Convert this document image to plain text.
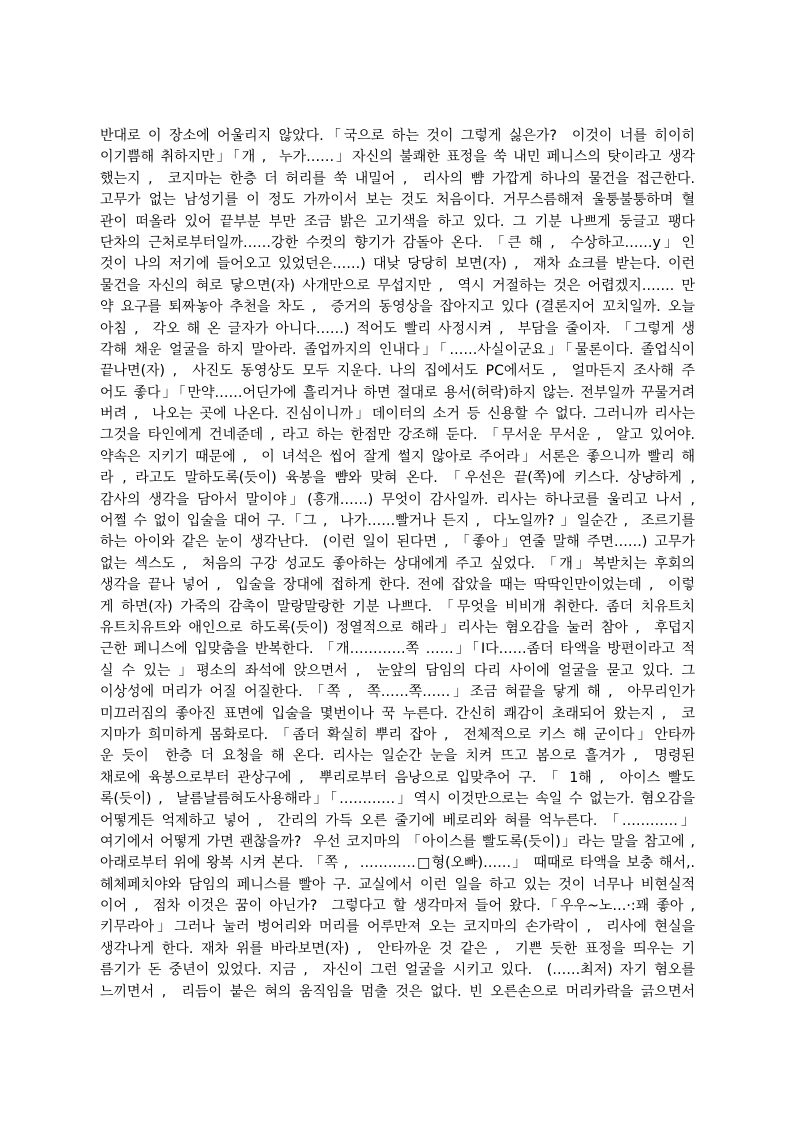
반대로 이 장소에 어울리지 않았다.「국으로 하는 것이 그렇게 싫은가?  이것이 너를 히이히
이기쁨해 취하지만」「개 ,  누가……」자신의 불쾌한 표정을 쑥 내민 페니스의 탓이라고 생각
했는지 ,  코지마는 한층 더 허리를 쑥 내밀어 ,  리사의 뺨 가깝게 하나의 물건을 접근한다.
고무가 없는 남성기를 이 정도 가까이서 보는 것도 처음이다. 거무스름해져 울퉁불퉁하며 혈
관이 떠올라 있어 끝부분 부만 조금 밝은 고기색을 하고 있다. 그 기분 나쁘게 둥글고 팽다
단차의 근처로부터일까……강한 수컷의 향기가 감돌아 온다. 「큰 해 ,  수상하고……y」인
것이 나의 저기에 들어오고 있었던은……) 대낮 당당히 보면(자) ,  재차 쇼크를 받는다. 이런
물건을 자신의 혀로 닿으면(자) 사개만으로 무섭지만 ,  역시 거절하는 것은 어렵겠지……. 만
약 요구를 퇴짜놓아 추천을 차도 ,  증거의 동영상을 잡아지고 있다 (결론지어 꼬치일까. 오늘
아침 ,  각오 해 온 글자가 아니다……) 적어도 빨리 사정시켜 ,  부담을 줄이자. 「그렇게 생
각해 채운 얼굴을 하지 말아라. 졸업까지의 인내다」「……사실이군요」「물론이다. 졸업식이
끝나면(자) ,  사진도 동영상도 모두 지운다. 나의 집에서도 PC에서도 ,  얼마든지 조사해 주
어도 좋다」「만약……어딘가에 흘리거나 하면 절대로 용서(허락)하지 않는. 전부일까 꾸물거려
버려 ,  나오는 곳에 나온다. 진심이니까」데이터의 소거 등 신용할 수 없다. 그러니까 리사는
그것을 타인에게 건네준데 , 라고 하는 한점만 강조해 둔다. 「무서운 무서운 ,  알고 있어야.
약속은 지키기 때문에 ,  이 녀석은 씹어 잘게 썰지 않아로 주어라」서론은 좋으니까 빨리 해
라 , 라고도 말하도록(듯이) 육봉을 뺨와 맞혀 온다. 「우선은 끝(쪽)에 키스다. 상냥하게 ,
감사의 생각을 담아서 말이야」(흥개……) 무엇이 감사일까. 리사는 하나코를 울리고 나서 ,
어쩔 수 없이 입술을 대어 구.「그 ,  나가……빨거나 든지 ,  다노일까? 」일순간 ,  조르기를
하는 아이와 같은 눈이 생각난다.  (이런 일이 된다면 , 「좋아」연줄 말해 주면……) 고무가
없는 섹스도 ,  처음의 구강 성교도 좋아하는 상대에게 주고 싶었다. 「개」복받치는 후회의
생각을 끝나 넣어 ,  입술을 장대에 접하게 한다. 전에 잡았을 때는 딱딱인만이었는데 ,  이렇
게 하면(자) 가죽의 감촉이 말랑말랑한 기분 나쁘다. 「무엇을 비비개 취한다. 좀더 치유트치
유트치유트와 애인으로 하도록(듯이) 정열적으로 해라」리사는 혐오감을 눌러 참아 ,  후덥지
근한 페니스에 입맞춤을 반복한다. 「개…………쪽 ……」「I다……좀더 타액을 방편이라고 적
실 수 있는 」평소의 좌석에 앉으면서 ,  눈앞의 담임의 다리 사이에 얼굴을 묻고 있다. 그
이상성에 머리가 어질 어질한다. 「쪽 ,  쪽……쪽……」조금 혀끝을 닿게 해 ,  아무리인가
미끄러짐의 좋아진 표면에 입술을 몇번이나 꾹 누른다. 간신히 쾌감이 초래되어 왔는지 ,  코
지마가 희미하게 몸화로다. 「좀더 확실히 뿌리 잡아 ,  전체적으로 키스 해 군이다」안타까
운 듯이  한층 더 요청을 해 온다. 리사는 일순간 눈을 치켜 뜨고 봄으로 흘겨가 ,  명령된
채로에 육봉으로부터 관상구에 ,  뿌리로부터 음낭으로 입맞추어 구. 「 1해 ,  아이스 빨도
록(듯이) ,  날름날름혀도사용해라」「…………」역시 이것만으로는 속일 수 없는가. 혐오감을
어떻게든 억제하고 넣어 ,  간리의 가득 오른 줄기에 베로리와 혀를 억누른다. 「…………」
여기에서 어떻게 가면 괜찮을까?  우선 코지마의 「아이스를 빨도록(듯이)」라는 말을 참고에 ,
아래로부터 위에 왕복 시켜 본다. 「쪽 ,  …………□형(오빠)……」 때때로 타액을 보충 해서,.
헤체페치야와 담임의 페니스를 빨아 구. 교실에서 이런 일을 하고 있는 것이 너무나 비현실적
이어 ,  점차 이것은 꿈이 아닌가?  그렇다고 할 생각마저 들어 왔다.「우우~노…·:꽤 좋아 ,
키무라아」그러나 눌러 벙어리와 머리를 어루만져 오는 코지마의 손가락이 ,  리사에 현실을
생각나게 한다. 재차 위를 바라보면(자) ,  안타까운 것 같은 ,  기쁜 듯한 표정을 띄우는 기
름기가 돈 중년이 있었다. 지금 ,  자신이 그런 얼굴을 시키고 있다.  (……최저) 자기 혐오를
느끼면서 ,  리듬이 붙은 혀의 움직임을 멈출 것은 없다. 빈 오른손으로 머리카락을 긁으면서
